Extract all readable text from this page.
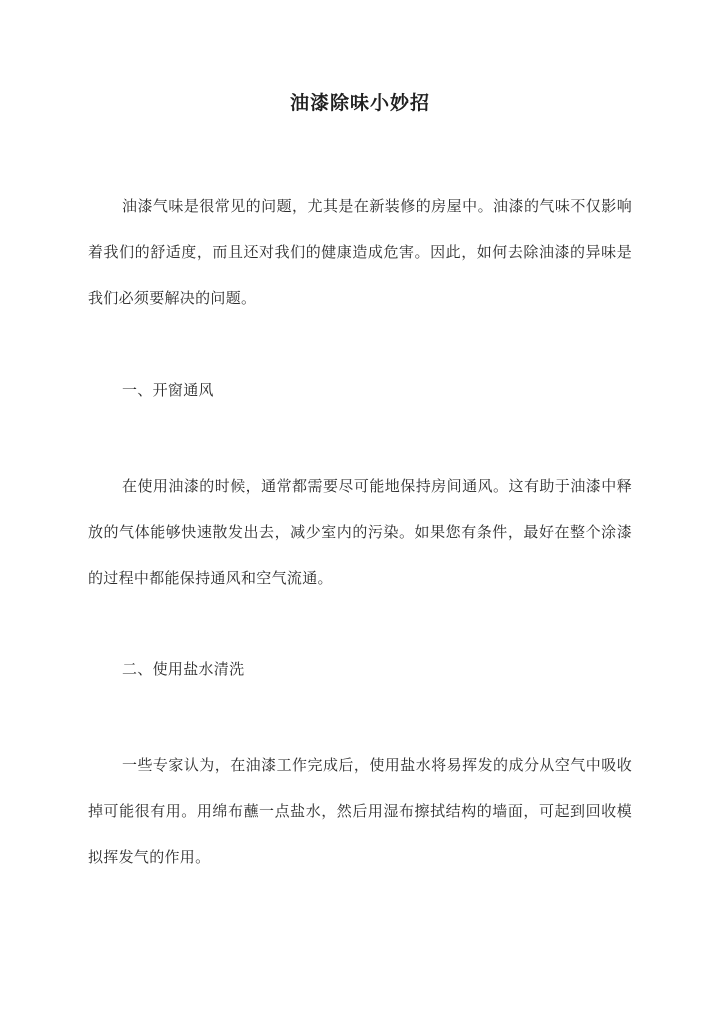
油漆除味小妙招
油漆气味是很常见的问题，尤其是在新装修的房屋中。油漆的气味不仅影响着我们的舒适度，而且还对我们的健康造成危害。因此，如何去除油漆的异味是我们必须要解决的问题。
一、开窗通风
在使用油漆的时候，通常都需要尽可能地保持房间通风。这有助于油漆中释放的气体能够快速散发出去，减少室内的污染。如果您有条件，最好在整个涂漆的过程中都能保持通风和空气流通。
二、使用盐水清洗
一些专家认为，在油漆工作完成后，使用盐水将易挥发的成分从空气中吸收掉可能很有用。用绵布蘸一点盐水，然后用湿布擦拭结构的墙面，可起到回收模拟挥发气的作用。
